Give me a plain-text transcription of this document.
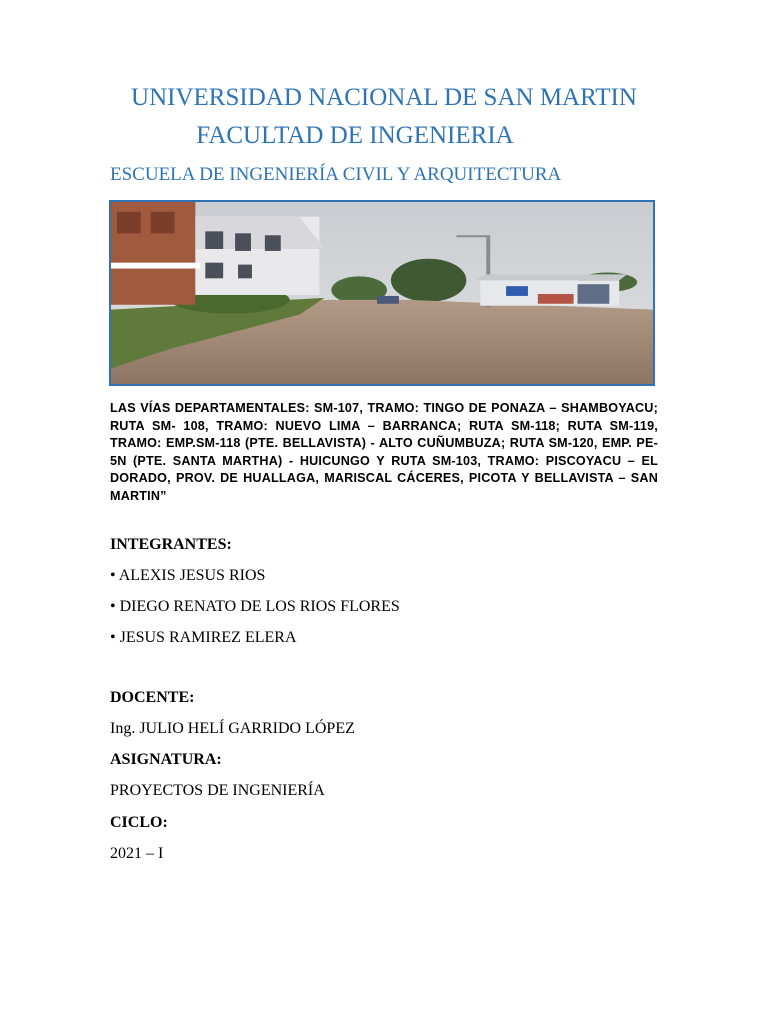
UNIVERSIDAD NACIONAL DE SAN MARTIN
FACULTAD DE INGENIERIA
ESCUELA DE INGENIERÍA CIVIL Y ARQUITECTURA
LAS VÍAS DEPARTAMENTALES: SM-107, TRAMO: TINGO DE PONAZA – SHAMBOYACU; RUTA SM- 108, TRAMO: NUEVO LIMA – BARRANCA; RUTA SM-118; RUTA SM-119, TRAMO: EMP.SM-118 (PTE. BELLAVISTA) - ALTO CUÑUMBUZA; RUTA SM-120, EMP. PE-5N (PTE. SANTA MARTHA) - HUICUNGO Y RUTA SM-103, TRAMO: PISCOYACU – EL DORADO, PROV. DE HUALLAGA, MARISCAL CÁCERES, PICOTA Y BELLAVISTA – SAN MARTIN”
INTEGRANTES:
• ALEXIS JESUS RIOS
• DIEGO RENATO DE LOS RIOS FLORES
• JESUS RAMIREZ ELERA
DOCENTE:
Ing. JULIO HELÍ GARRIDO LÓPEZ
ASIGNATURA:
PROYECTOS DE INGENIERÍA
CICLO:
2021 – I
